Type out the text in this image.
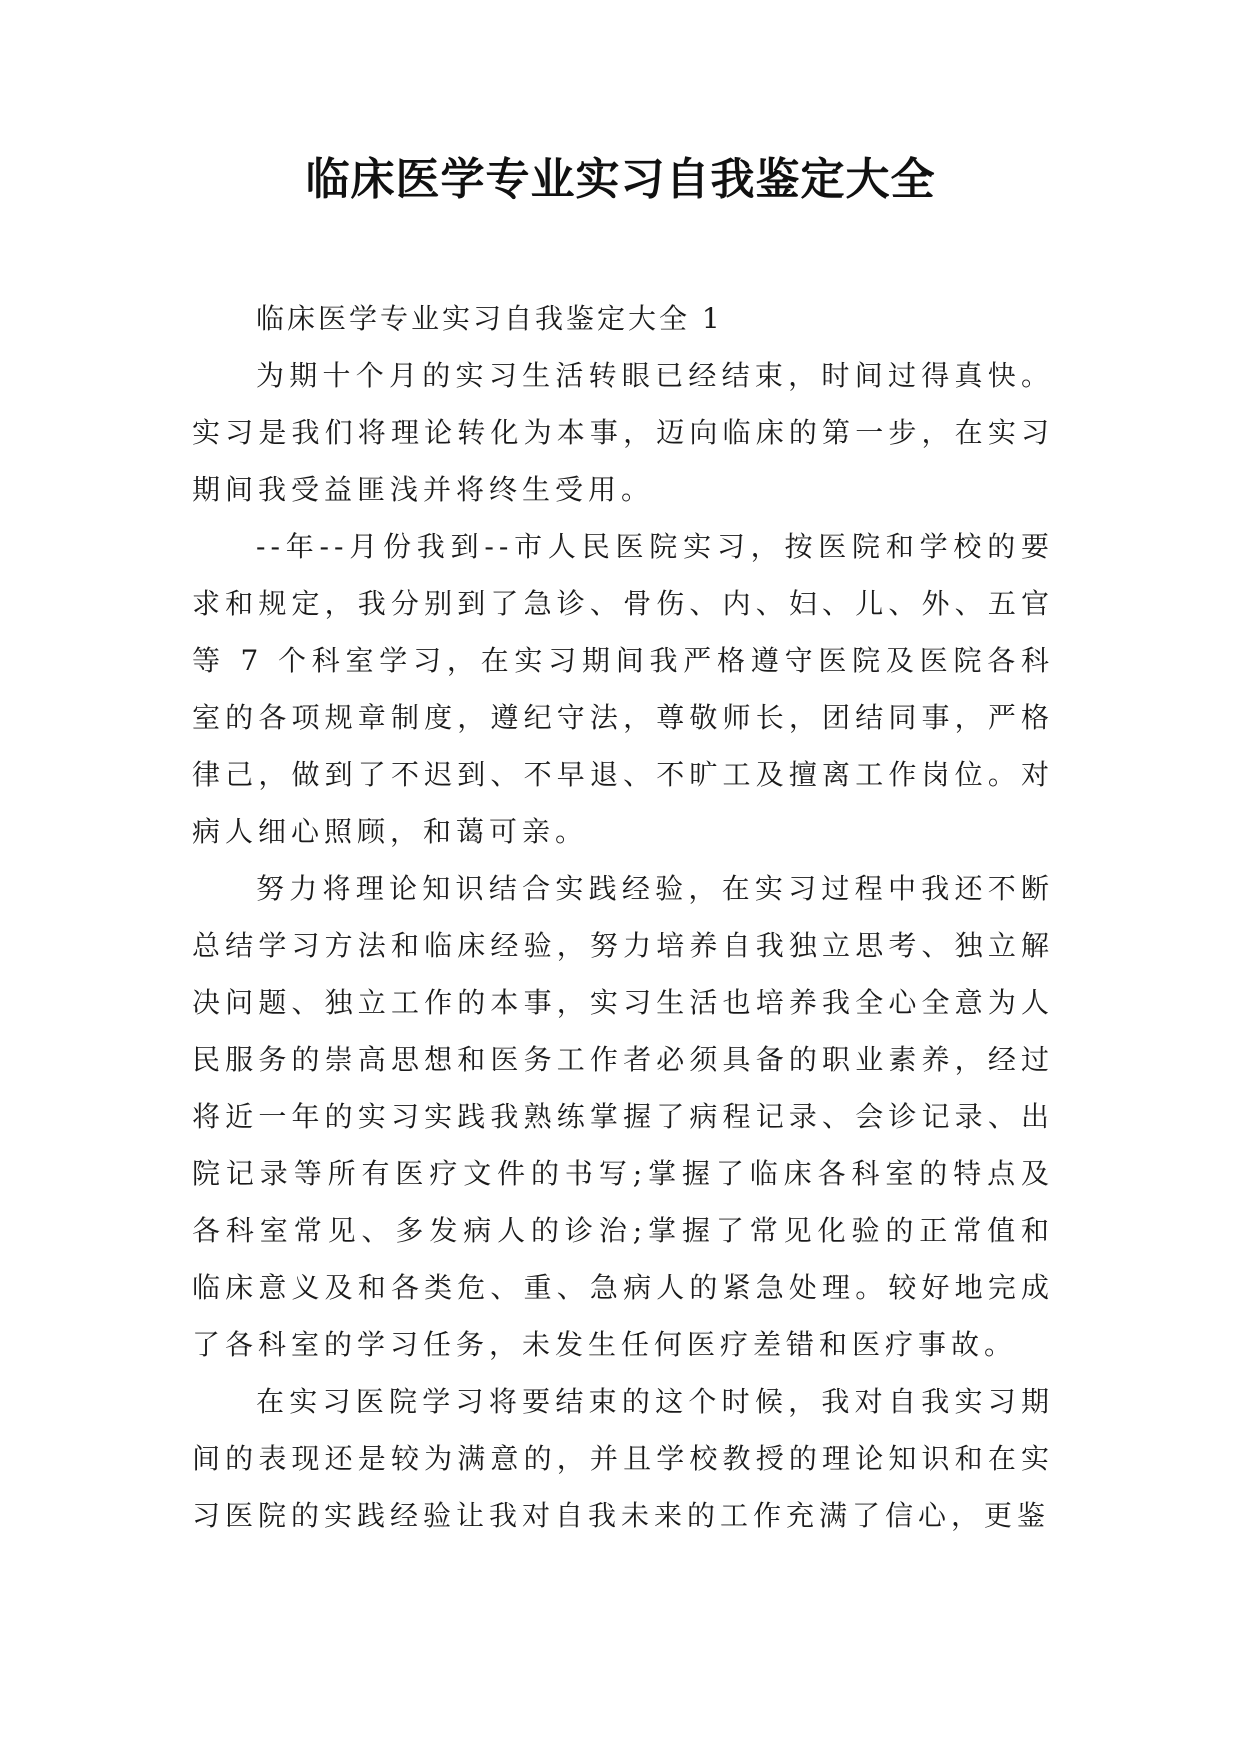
临床医学专业实习自我鉴定大全

临床医学专业实习自我鉴定大全 1

为期十个月的实习生活转眼已经结束，时间过得真快。实习是我们将理论转化为本事，迈向临床的第一步，在实习期间我受益匪浅并将终生受用。

--年--月份我到--市人民医院实习，按医院和学校的要求和规定，我分别到了急诊、骨伤、内、妇、儿、外、五官等 7 个科室学习，在实习期间我严格遵守医院及医院各科室的各项规章制度，遵纪守法，尊敬师长，团结同事，严格律己，做到了不迟到、不早退、不旷工及擅离工作岗位。对病人细心照顾，和蔼可亲。

努力将理论知识结合实践经验，在实习过程中我还不断总结学习方法和临床经验，努力培养自我独立思考、独立解决问题、独立工作的本事，实习生活也培养我全心全意为人民服务的崇高思想和医务工作者必须具备的职业素养，经过将近一年的实习实践我熟练掌握了病程记录、会诊记录、出院记录等所有医疗文件的书写;掌握了临床各科室的特点及各科室常见、多发病人的诊治;掌握了常见化验的正常值和临床意义及和各类危、重、急病人的紧急处理。较好地完成了各科室的学习任务，未发生任何医疗差错和医疗事故。

在实习医院学习将要结束的这个时候，我对自我实习期间的表现还是较为满意的，并且学校教授的理论知识和在实习医院的实践经验让我对自我未来的工作充满了信心，更鉴
